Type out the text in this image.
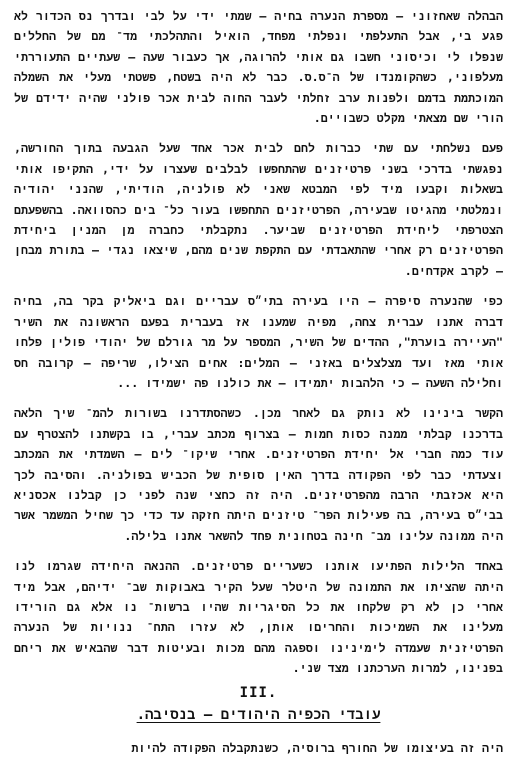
הבהלה שאחזוני – מספרת הנערה בחיה – שמתי ידי על לבי ובדרך נס הכדור לא פגע בי, אבל התעלפתי ונפלתי מפחד, הואיל והתהלכתי מד־ מם של החללים שנפלו לי וכיסוני חשבו גם אותי להרוגה, אך כעבור שעה – שעתיים התעוררתי מעלפוני, כשהקומנדו של ה־ס.ס. כבר לא היה בשטח, פשטתי מעלי את השמלה המוכתמת בדמם ולפנות ערב זחלתי לעבר החוה לבית אכר פולני שהיה ידידם של הורי שם מצאתי מקלט כשבויים.

פעם נשלחתי עם שתי כברות לחם לבית אכר אחד שעל הגבעה בתוך החורשה, נפגשתי בדרכי בשני פרטיזנים שהתחפשו לבלבים שעצרו על ידי, התקיפו אותי בשאלות וקבעו מיד לפי המבטא שאני לא פולניה, הודיתי, שהנני יהודיה ונמלטתי מהגיטו שבעירה, הפרטיזנים התחפשו בעור כל־ בים כהסוואה. בהשפעתם הצטרפתי ליחידת הפרטיזנים שביער. נתקבלתי כחברה מן המנין ביחידת הפרטיזנים רק אחרי שהתאבדתי עם התקפת שנים מהם, שיצאו נגדי – בתורת מבחן – לקרב אקדחים.

כפי שהנערה סיפרה – היו בעירה בתי״ס עבריים וגם ביאליק בקר בה, בחיה דברה אתנו עברית צחה, מפיה שמענו אז בעברית בפעם הראשונה את השיר "העיירה בוערת", ההדים של השיר, המספר על מר גורלם של יהודי פולין פלחו אותי מאז ועד מצלצלים באזני – המלים: אחים הצילו, שריפה – קרובה חס וחלילה השעה – כי הלהבות יתמידו – את כולנו פה ישמידו ...

הקשר בינינו לא נותק גם לאחר מכן. כשהסתדרנו בשורות להמ־ שיך הלאה בדרכנו קבלתי ממנה כסות חמות – בצרוף מכתב עברי, בו בקשתנו להצטרף עם עוד כמה חברי אל יחידת הפרטיזנים. אחרי שיקו־ לים – השמדתי את המכתב וצעדתי כבר לפי הפקודה בדרך האין סופית של הכביש בפולניה. והסיבה לכך היא אכזבתי הרבה מהפרטיזנים. היה זה כחצי שנה לפני כן קבלנו אכסניא בבי״ס בעירה, בה פעילות הפר־ טיזנים היתה חזקה עד כדי כך שחיל המשמר אשר היה ממונה עלינו מב־ חינה בטחונית פחד להשאר אתנו בלילה.

באחד הלילות הפתיעו אותנו כשעריים פרטיזנים. ההנאה היחידה שגרמו לנו היתה שהציתו את התמונה של היטלר שעל הקיר באבוקות שב־ ידיהם, אבל מיד אחרי כן לא רק שלקחו את כל הסיגריות שהיו ברשות־ נו אלא גם הורידו מעלינו את השמיכות והחריםו אותן, לא עזרו התח־ ננויות של הנערה הפרטיזנית שעמדה לימינינו וספגה מהם מכות ובעיטות דבר שהבאיש את ריחם בפנינו, למרות הערכתנו מצד שני.

III.
עובדי הכפיה היהודים – בנסיבה.

היה זה בעיצומו של החורף ברוסיה, כשנתקבלה הפקודה להיות
